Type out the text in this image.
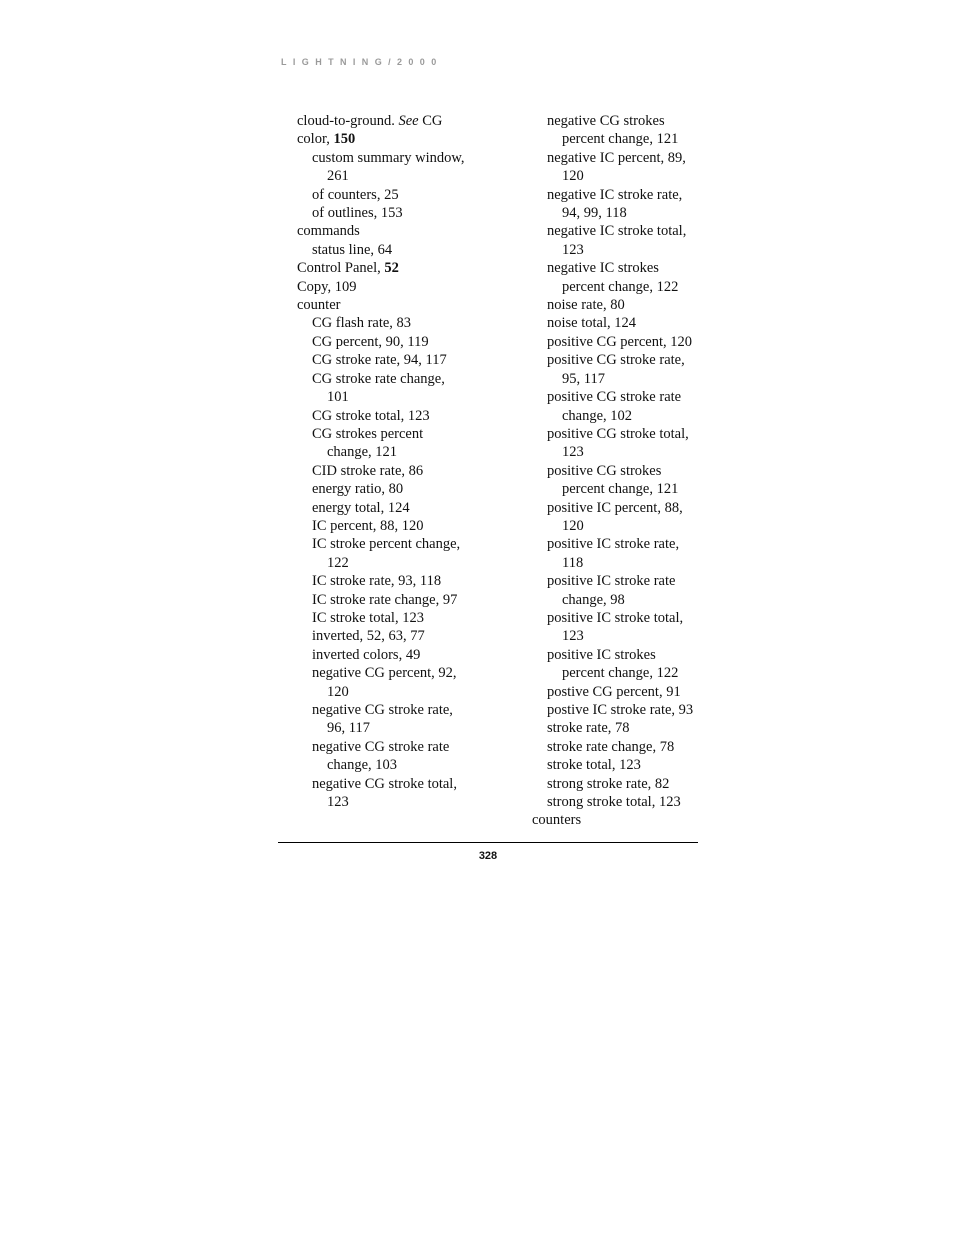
LIGHTNING/2000
cloud-to-ground. See CG
color, 150
custom summary window,
261
of counters, 25
of outlines, 153
commands
status line, 64
Control Panel, 52
Copy, 109
counter
CG flash rate, 83
CG percent, 90, 119
CG stroke rate, 94, 117
CG stroke rate change,
101
CG stroke total, 123
CG strokes percent
change, 121
CID stroke rate, 86
energy ratio, 80
energy total, 124
IC percent, 88, 120
IC stroke percent change,
122
IC stroke rate, 93, 118
IC stroke rate change, 97
IC stroke total, 123
inverted, 52, 63, 77
inverted colors, 49
negative CG percent, 92,
120
negative CG stroke rate,
96, 117
negative CG stroke rate
change, 103
negative CG stroke total,
123
negative CG strokes
percent change, 121
negative IC percent, 89,
120
negative IC stroke rate,
94, 99, 118
negative IC stroke total,
123
negative IC strokes
percent change, 122
noise rate, 80
noise total, 124
positive CG percent, 120
positive CG stroke rate,
95, 117
positive CG stroke rate
change, 102
positive CG stroke total,
123
positive CG strokes
percent change, 121
positive IC percent, 88,
120
positive IC stroke rate,
118
positive IC stroke rate
change, 98
positive IC stroke total,
123
positive IC strokes
percent change, 122
postive CG percent, 91
postive IC stroke rate, 93
stroke rate, 78
stroke rate change, 78
stroke total, 123
strong stroke rate, 82
strong stroke total, 123
counters
328
